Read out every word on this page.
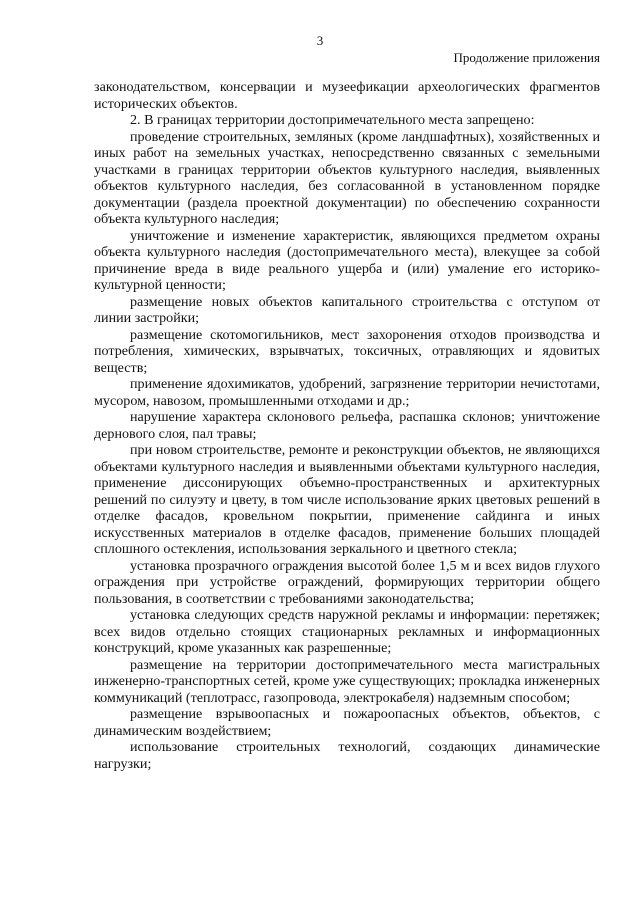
3
Продолжение приложения

законодательством, консервации и музеефикации археологических фрагментов исторических объектов.

2. В границах территории достопримечательного места запрещено:

проведение строительных, земляных (кроме ландшафтных), хозяйственных и иных работ на земельных участках, непосредственно связанных с земельными участками в границах территории объектов культурного наследия, выявленных объектов культурного наследия, без согласованной в установленном порядке документации (раздела проектной документации) по обеспечению сохранности объекта культурного наследия;

уничтожение и изменение характеристик, являющихся предметом охраны объекта культурного наследия (достопримечательного места), влекущее за собой причинение вреда в виде реального ущерба и (или) умаление его историко-культурной ценности;

размещение новых объектов капитального строительства с отступом от линии застройки;

размещение скотомогильников, мест захоронения отходов производства и потребления, химических, взрывчатых, токсичных, отравляющих и ядовитых веществ;

применение ядохимикатов, удобрений, загрязнение территории нечистотами, мусором, навозом, промышленными отходами и др.;

нарушение характера склонового рельефа, распашка склонов; уничтожение дернового слоя, пал травы;

при новом строительстве, ремонте и реконструкции объектов, не являющихся объектами культурного наследия и выявленными объектами культурного наследия, применение диссонирующих объемно-пространственных и архитектурных решений по силуэту и цвету, в том числе использование ярких цветовых решений в отделке фасадов, кровельном покрытии, применение сайдинга и иных искусственных материалов в отделке фасадов, применение больших площадей сплошного остекления, использования зеркального и цветного стекла;

установка прозрачного ограждения высотой более 1,5 м и всех видов глухого ограждения при устройстве ограждений, формирующих территории общего пользования, в соответствии с требованиями законодательства;

установка следующих средств наружной рекламы и информации: перетяжек; всех видов отдельно стоящих стационарных рекламных и информационных конструкций, кроме указанных как разрешенные;

размещение на территории достопримечательного места магистральных инженерно-транспортных сетей, кроме уже существующих; прокладка инженерных коммуникаций (теплотрасс, газопровода, электрокабеля) надземным способом;

размещение взрывоопасных и пожароопасных объектов, объектов, с динамическим воздействием;

использование строительных технологий, создающих динамические нагрузки;
